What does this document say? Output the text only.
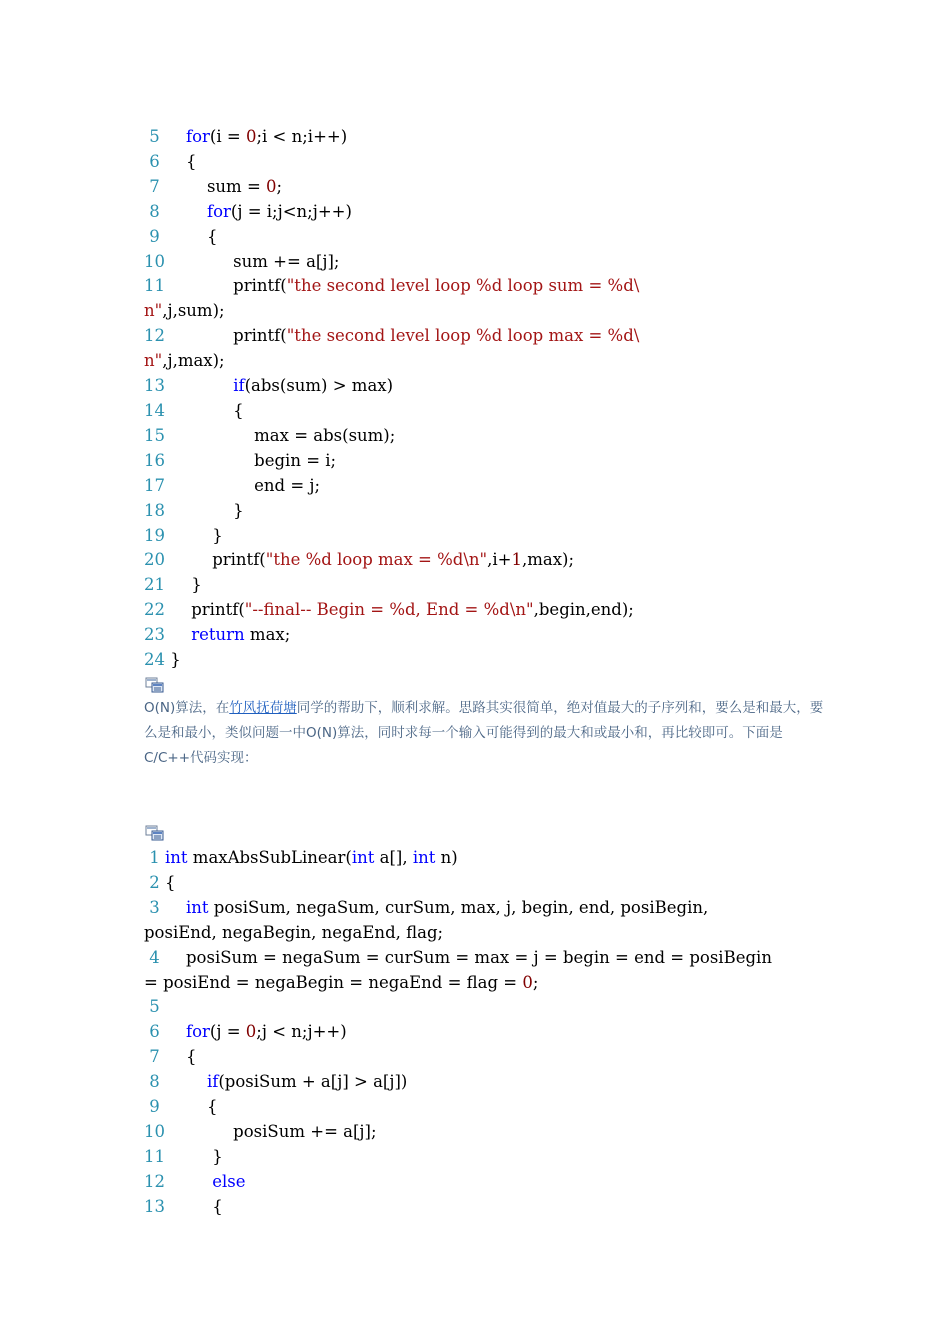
5 for(i = 0;i < n;i++)
6     {
7         sum = 0;
8	for(j = i;j<n;j++)
9         {
10             sum += a[j];
11             printf("the second level loop %d loop sum = %d\
n",j,sum);
12             printf("the second level loop %d loop max = %d\
n",j,max);
13	if(abs(sum) > max)
14             {
15                 max = abs(sum);
16                 begin = i;
17                 end = j;
18             }
19         }
20         printf("the %d loop max = %d\n",i+1,max);
21     }
22     printf("--final-- Begin = %d, End = %d\n",begin,end);
23 return max;
24 }

O(N)算法，在竹风抚荷塘同学的帮助下，顺利求解。思路其实很简单，绝对值最大的子序列和，要么是和最大，要么是和最小，类似问题一中O(N)算法，同时求每一个输入可能得到的最大和或最小和，再比较即可。下面是C/C++代码实现：

1 int maxAbsSubLinear(int a[], int n)
2 {
3 int posiSum, negaSum, curSum, max, j, begin, end, posiBegin,
posiEnd, negaBegin, negaEnd, flag;
4     posiSum = negaSum = curSum = max = j = begin = end = posiBegin
= posiEnd = negaBegin = negaEnd = flag = 0;
5
6 for(j = 0;j < n;j++)
7     {
8	if(posiSum + a[j] > a[j])
9         {
10             posiSum += a[j];
11         }
12	else
13         {
